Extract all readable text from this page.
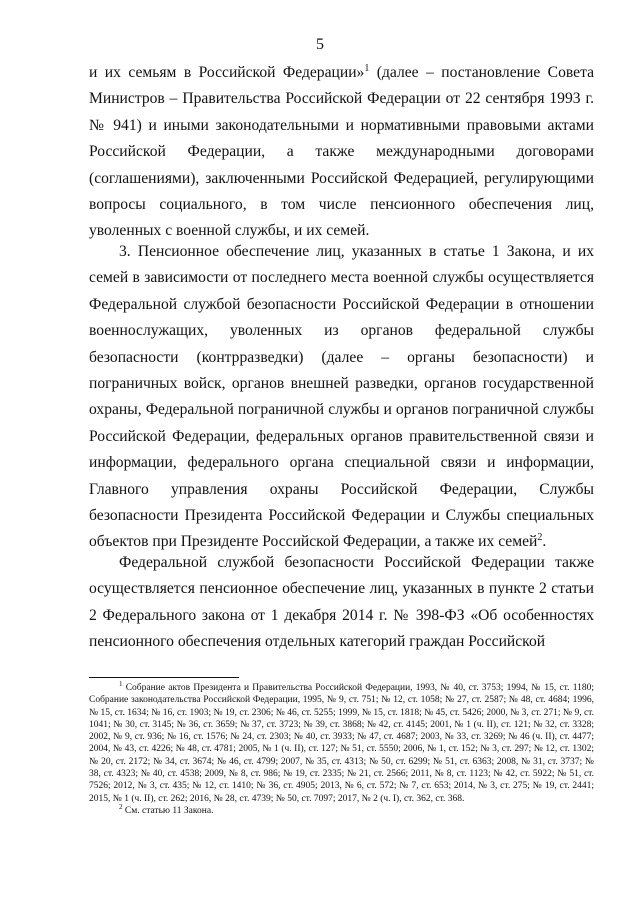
5

и их семьям в Российской Федерации»$^1$ (далее – постановление Совета Министров – Правительства Российской Федерации от 22 сентября 1993 г. № 941) и иными законодательными и нормативными правовыми актами Российской Федерации, а также международными договорами (соглашениями), заключенными Российской Федерацией, регулирующими вопросы социального, в том числе пенсионного обеспечения лиц, уволенных с военной службы, и их семей.

3. Пенсионное обеспечение лиц, указанных в статье 1 Закона, и их семей в зависимости от последнего места военной службы осуществляется Федеральной службой безопасности Российской Федерации в отношении военнослужащих, уволенных из органов федеральной службы безопасности (контрразведки) (далее – органы безопасности) и пограничных войск, органов внешней разведки, органов государственной охраны, Федеральной пограничной службы и органов пограничной службы Российской Федерации, федеральных органов правительственной связи и информации, федерального органа специальной связи и информации, Главного управления охраны Российской Федерации, Службы безопасности Президента Российской Федерации и Службы специальных объектов при Президенте Российской Федерации, а также их семей$^2$.

Федеральной службой безопасности Российской Федерации также осуществляется пенсионное обеспечение лиц, указанных в пункте 2 статьи 2 Федерального закона от 1 декабря 2014 г. № 398-ФЗ «Об особенностях пенсионного обеспечения отдельных категорий граждан Российской

$^1$ Собрание актов Президента и Правительства Российской Федерации, 1993, № 40, ст. 3753; 1994, № 15, ст. 1180; Собрание законодательства Российской Федерации, 1995, № 9, ст. 751; № 12, ст. 1058; № 27, ст. 2587; № 48, ст. 4684; 1996, № 15, ст. 1634; № 16, ст. 1903; № 19, ст. 2306; № 46, ст. 5255; 1999, № 15, ст. 1818; № 45, ст. 5426; 2000, № 3, ст. 271; № 9, ст. 1041; № 30, ст. 3145; № 36, ст. 3659; № 37, ст. 3723; № 39, ст. 3868; № 42, ст. 4145; 2001, № 1 (ч. II), ст. 121; № 32, ст. 3328; 2002, № 9, ст. 936; № 16, ст. 1576; № 24, ст. 2303; № 40, ст. 3933; № 47, ст. 4687; 2003, № 33, ст. 3269; № 46 (ч. II), ст. 4477; 2004, № 43, ст. 4226; № 48, ст. 4781; 2005, № 1 (ч. II), ст. 127; № 51, ст. 5550; 2006, № 1, ст. 152; № 3, ст. 297; № 12, ст. 1302; № 20, ст. 2172; № 34, ст. 3674; № 46, ст. 4799; 2007, № 35, ст. 4313; № 50, ст. 6299; № 51, ст. 6363; 2008, № 31, ст. 3737; № 38, ст. 4323; № 40, ст. 4538; 2009, № 8, ст. 986; № 19, ст. 2335; № 21, ст. 2566; 2011, № 8, ст. 1123; № 42, ст. 5922; № 51, ст. 7526; 2012, № 3, ст. 435; № 12, ст. 1410; № 36, ст. 4905; 2013, № 6, ст. 572; № 7, ст. 653; 2014, № 3, ст. 275; № 19, ст. 2441; 2015, № 1 (ч. II), ст. 262; 2016, № 28, ст. 4739; № 50, ст. 7097; 2017, № 2 (ч. I), ст. 362, ст. 368.

$^2$ См. статью 11 Закона.
